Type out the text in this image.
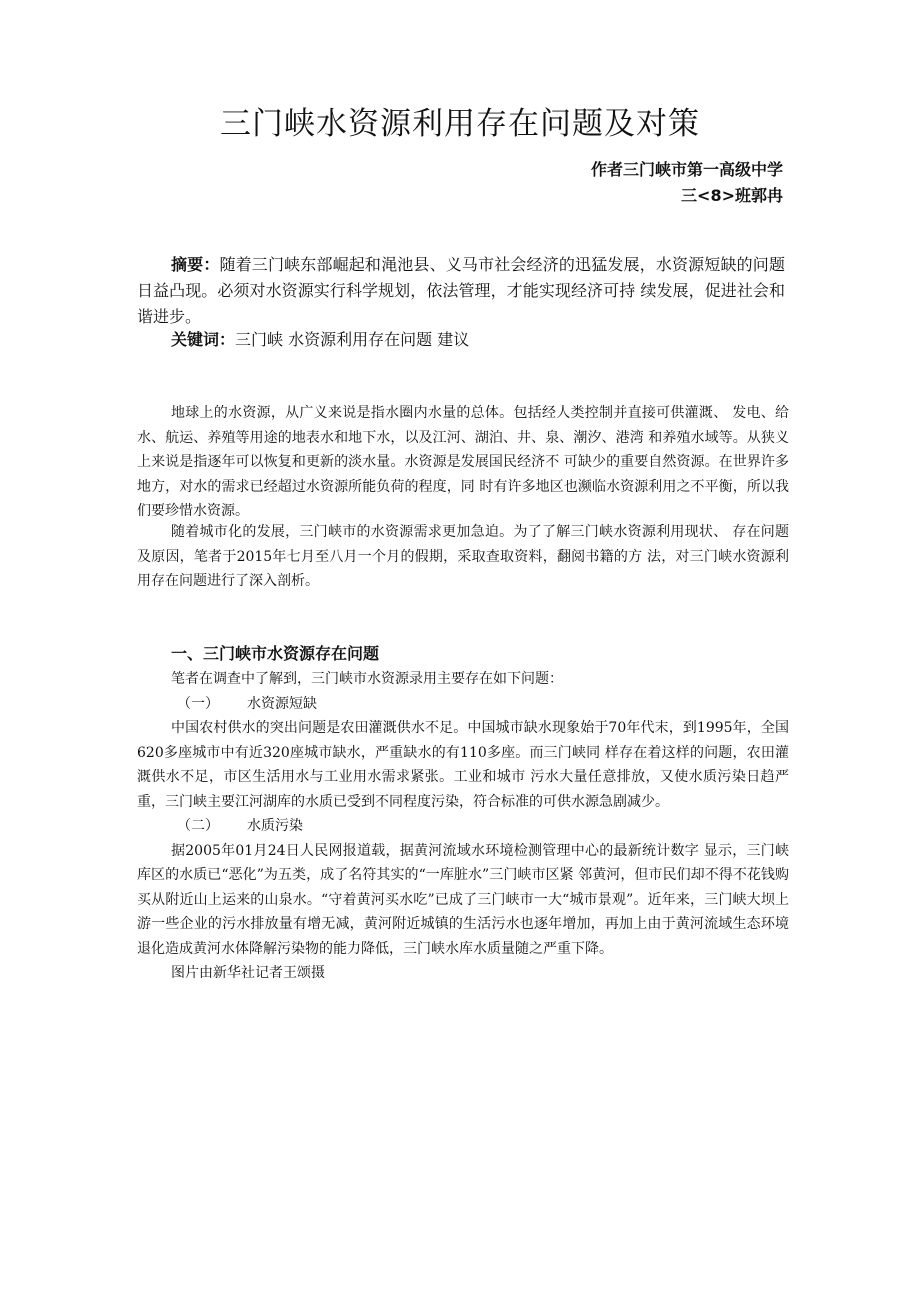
三门峡水资源利用存在问题及对策
作者三门峡市第一高级中学
三<8>班郭冉

摘要：随着三门峡东部崛起和渑池县、义马市社会经济的迅猛发展，水资源短缺的问题日益凸现。必须对水资源实行科学规划，依法管理，才能实现经济可持 续发展，促进社会和谐进步。

关键词：三门峡 水资源利用存在问题 建议

地球上的水资源，从广义来说是指水圈内水量的总体。包括经人类控制并直接可供灌溉、 发电、给水、航运、养殖等用途的地表水和地下水，以及江河、湖泊、井、泉、潮汐、港湾 和养殖水域等。从狭义上来说是指逐年可以恢复和更新的淡水量。水资源是发展国民经济不 可缺少的重要自然资源。在世界许多地方，对水的需求已经超过水资源所能负荷的程度，同 时有许多地区也濒临水资源利用之不平衡，所以我们要珍惜水资源。

随着城市化的发展，三门峡市的水资源需求更加急迫。为了了解三门峡水资源利用现状、 存在问题及原因，笔者于2015年七月至八月一个月的假期，采取查取资料，翻阅书籍的方 法，对三门峡水资源利用存在问题进行了深入剖析。

一、三门峡市水资源存在问题

笔者在调查中了解到，三门峡市水资源录用主要存在如下问题：

（一） 水资源短缺

中国农村供水的突出问题是农田灌溉供水不足。中国城市缺水现象始于70年代末，到1995年，全国620多座城市中有近320座城市缺水，严重缺水的有110多座。而三门峡同 样存在着这样的问题，农田灌溉供水不足，市区生活用水与工业用水需求紧张。工业和城市 污水大量任意排放，又使水质污染日趋严重，三门峡主要江河湖库的水质已受到不同程度污染，符合标准的可供水源急剧减少。

（二） 水质污染

据2005年01月24日人民网报道载，据黄河流域水环境检测管理中心的最新统计数字 显示，三门峡库区的水质已“恶化”为五类，成了名符其实的“一库脏水”三门峡市区紧 邻黄河，但市民们却不得不花钱购买从附近山上运来的山泉水。“守着黄河买水吃”已成了三门峡市一大“城市景观”。近年来，三门峡大坝上游一些企业的污水排放量有增无减，黄河附近城镇的生活污水也逐年增加，再加上由于黄河流域生态环境退化造成黄河水体降解污染物的能力降低，三门峡水库水质量随之严重下降。

图片由新华社记者王颂摄
